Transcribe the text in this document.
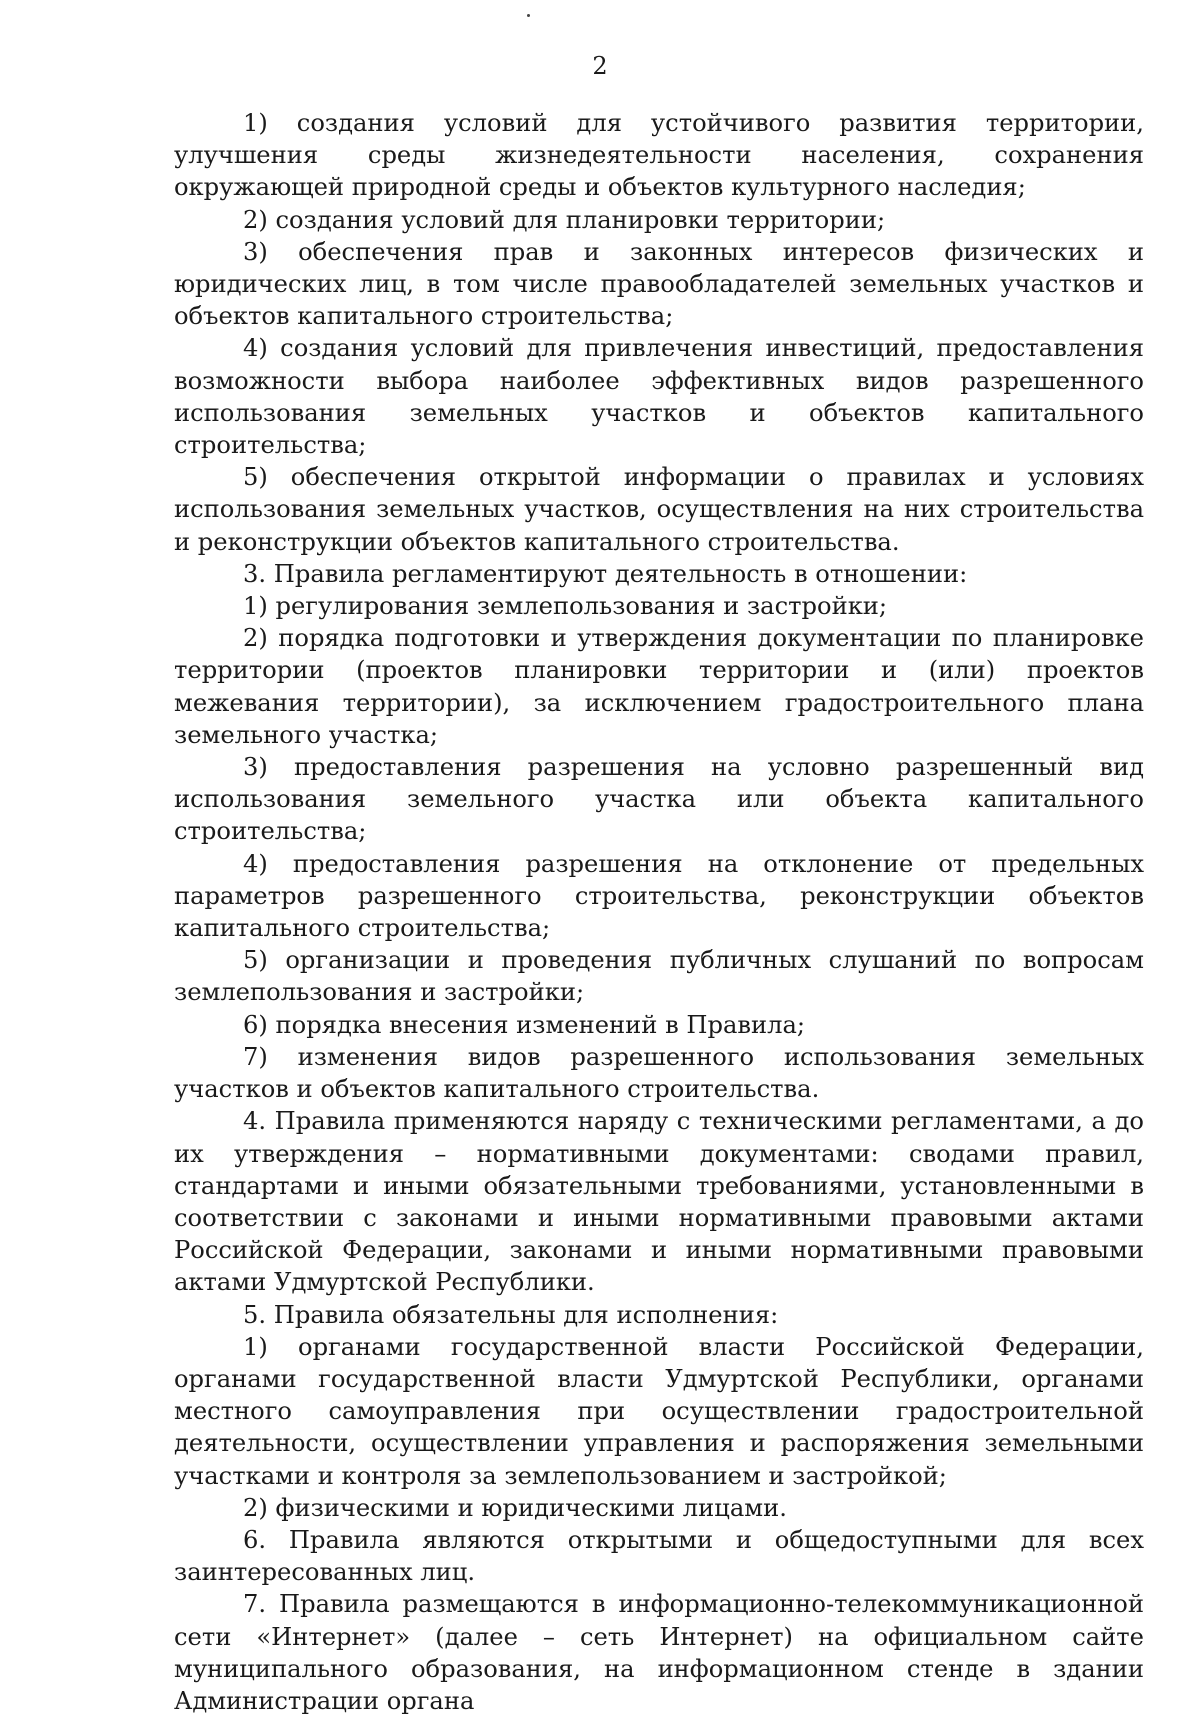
2

1) создания условий для устойчивого развития территории, улучшения среды жизнедеятельности населения, сохранения окружающей природной среды и объектов культурного наследия;

2) создания условий для планировки территории;

3) обеспечения прав и законных интересов физических и юридических лиц, в том числе правообладателей земельных участков и объектов капитального строительства;

4) создания условий для привлечения инвестиций, предоставления возможности выбора наиболее эффективных видов разрешенного использования земельных участков и объектов капитального строительства;

5) обеспечения открытой информации о правилах и условиях использования земельных участков, осуществления на них строительства и реконструкции объектов капитального строительства.

3. Правила регламентируют деятельность в отношении:

1) регулирования землепользования и застройки;

2) порядка подготовки и утверждения документации по планировке территории (проектов планировки территории и (или) проектов межевания территории), за исключением градостроительного плана земельного участка;

3) предоставления разрешения на условно разрешенный вид использования земельного участка или объекта капитального строительства;

4) предоставления разрешения на отклонение от предельных параметров разрешенного строительства, реконструкции объектов капитального строительства;

5) организации и проведения публичных слушаний по вопросам землепользования и застройки;

6) порядка внесения изменений в Правила;

7) изменения видов разрешенного использования земельных участков и объектов капитального строительства.

4. Правила применяются наряду с техническими регламентами, а до их утверждения – нормативными документами: сводами правил, стандартами и иными обязательными требованиями, установленными в соответствии с законами и иными нормативными правовыми актами Российской Федерации, законами и иными нормативными правовыми актами Удмуртской Республики.

5. Правила обязательны для исполнения:

1) органами государственной власти Российской Федерации, органами государственной власти Удмуртской Республики, органами местного самоуправления при осуществлении градостроительной деятельности, осуществлении управления и распоряжения земельными участками и контроля за землепользованием и застройкой;

2) физическими и юридическими лицами.

6. Правила являются открытыми и общедоступными для всех заинтересованных лиц.

7. Правила размещаются в информационно-телекоммуникационной сети «Интернет» (далее – сеть Интернет) на официальном сайте муниципального образования, на информационном стенде в здании Администрации органа
